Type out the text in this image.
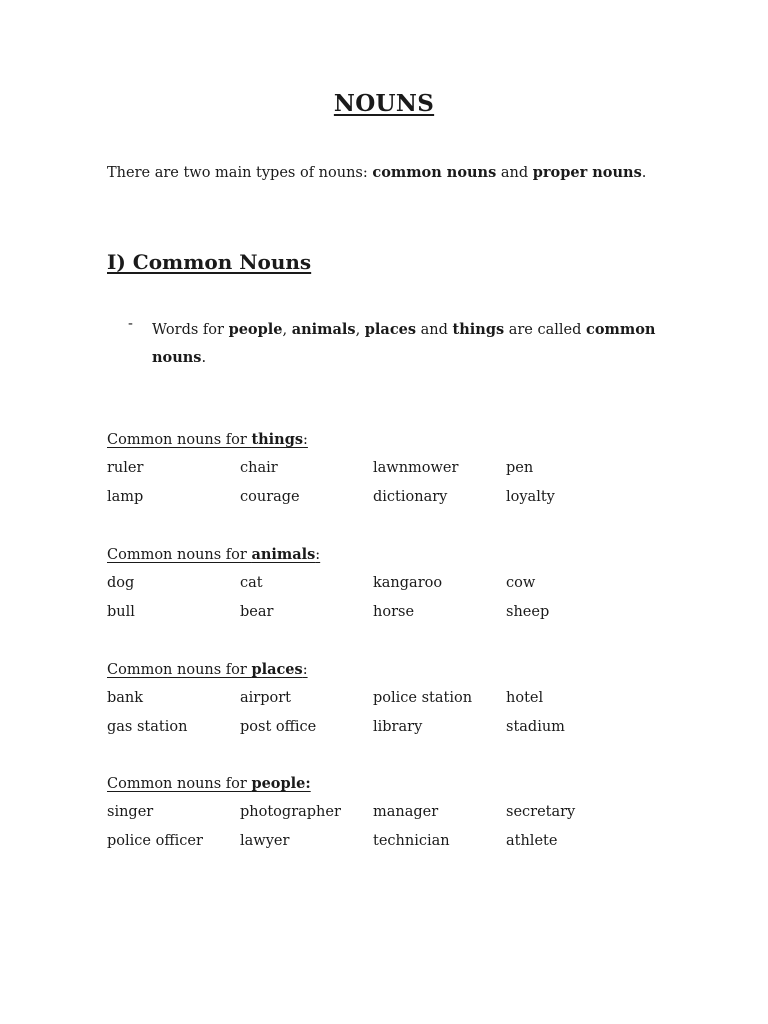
NOUNS
There are two main types of nouns: common nouns and proper nouns.
I) Common Nouns
- Words for people, animals, places and things are called common nouns.
Common nouns for things:
ruler	chair	lawnmower	pen
lamp	courage	dictionary	loyalty
Common nouns for animals:
dog	cat	kangaroo	cow
bull	bear	horse	sheep
Common nouns for places:
bank	airport	police station	hotel
gas station	post office	library	stadium
Common nouns for people:
singer	photographer	manager	secretary
police officer	lawyer	technician	athlete
